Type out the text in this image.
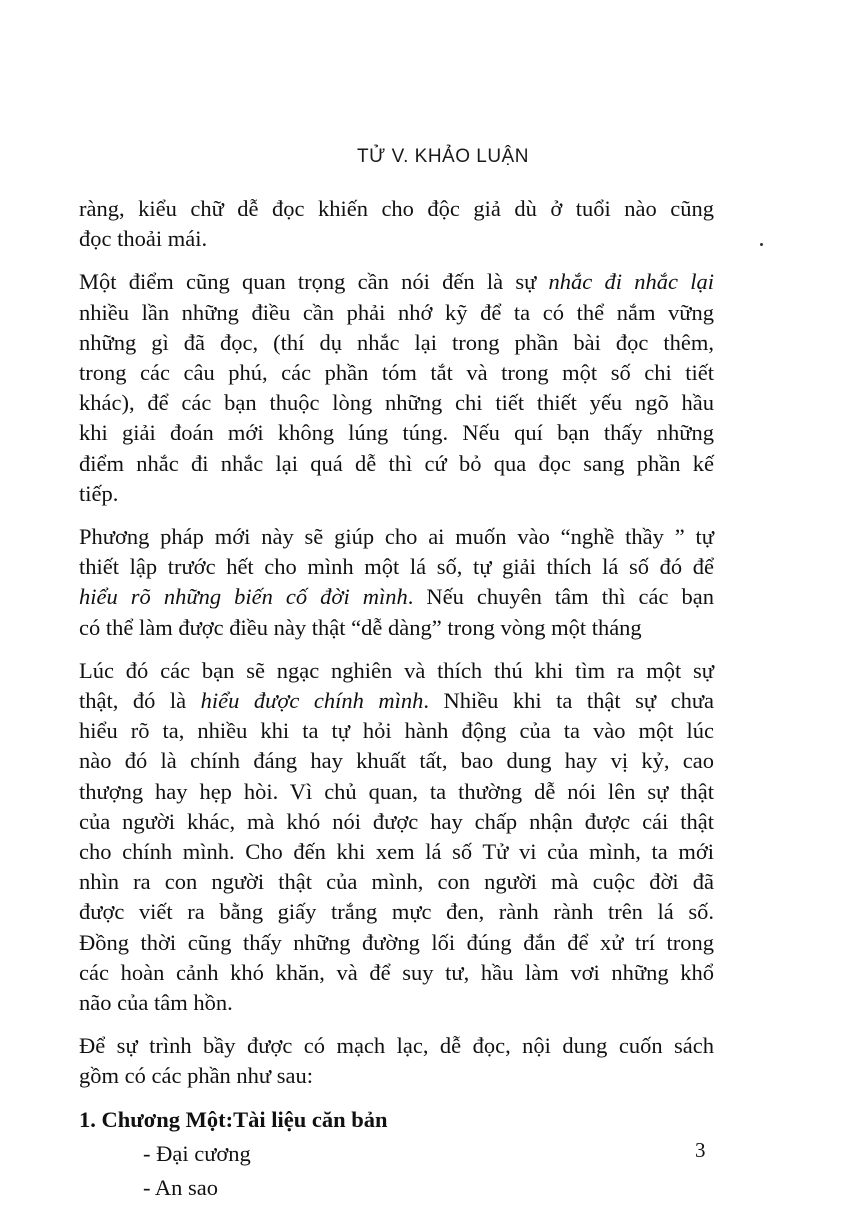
TỬ V. KHẢO LUẬN

ràng, kiểu chữ dễ đọc khiến cho độc giả dù ở tuổi nào cũng
đọc thoải mái.

Một điểm cũng quan trọng cần nói đến là sự nhắc đi nhắc lại
nhiều lần những điều cần phải nhớ kỹ để ta có thể nắm vững
những gì đã đọc, (thí dụ nhắc lại trong phần bài đọc thêm,
trong các câu phú, các phần tóm tắt và trong một số chi tiết
khác), để các bạn thuộc lòng những chi tiết thiết yếu ngõ hầu
khi giải đoán mới không lúng túng. Nếu quí bạn thấy những
điểm nhắc đi nhắc lại quá dễ thì cứ bỏ qua đọc sang phần kế
tiếp.

Phương pháp mới này sẽ giúp cho ai muốn vào “nghề thầy ” tự
thiết lập trước hết cho mình một lá số, tự giải thích lá số đó để
hiểu rõ những biến cố đời mình. Nếu chuyên tâm thì các bạn
có thể làm được điều này thật “dễ dàng” trong vòng một tháng

Lúc đó các bạn sẽ ngạc nghiên và thích thú khi tìm ra một sự
thật, đó là hiểu được chính mình. Nhiều khi ta thật sự chưa
hiểu rõ ta, nhiều khi ta tự hỏi hành động của ta vào một lúc
nào đó là chính đáng hay khuất tất, bao dung hay vị kỷ, cao
thượng hay hẹp hòi. Vì chủ quan, ta thường dễ nói lên sự thật
của người khác, mà khó nói được hay chấp nhận được cái thật
cho chính mình. Cho đến khi xem lá số Tử vi của mình, ta mới
nhìn ra con người thật của mình, con người mà cuộc đời đã
được viết ra bằng giấy trắng mực đen, rành rành trên lá số.
Đồng thời cũng thấy những đường lối đúng đắn để xử trí trong
các hoàn cảnh khó khăn, và để suy tư, hầu làm vơi những khổ
não của tâm hồn.

Để sự trình bầy được có mạch lạc, dễ đọc, nội dung cuốn sách
gồm có các phần như sau:

1. Chương Một:Tài liệu căn bản
- Đại cương
- An sao
3
